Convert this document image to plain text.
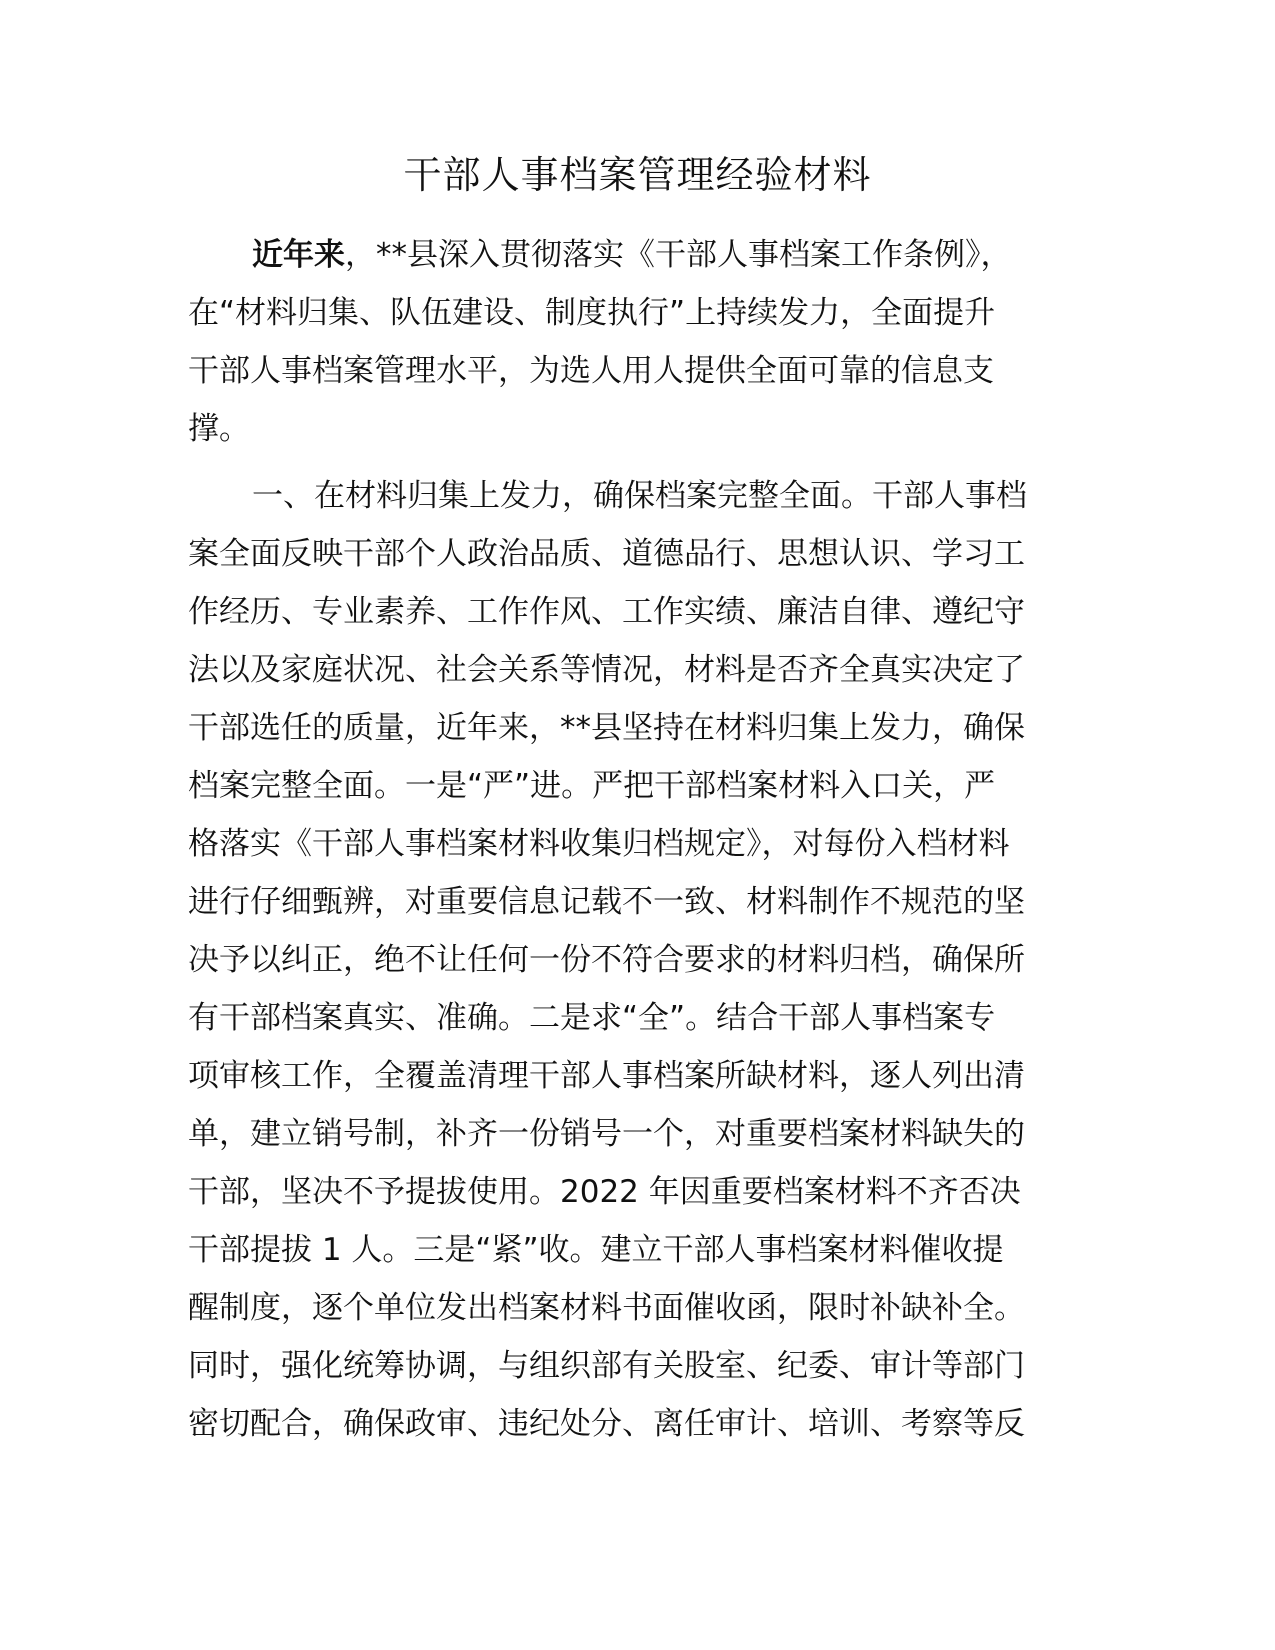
干部人事档案管理经验材料
近年来，**县深入贯彻落实《干部人事档案工作条例》，
在“材料归集、队伍建设、制度执行”上持续发力，全面提升
干部人事档案管理水平，为选人用人提供全面可靠的信息支
撑。
一、在材料归集上发力，确保档案完整全面。干部人事档
案全面反映干部个人政治品质、道德品行、思想认识、学习工
作经历、专业素养、工作作风、工作实绩、廉洁自律、遵纪守
法以及家庭状况、社会关系等情况，材料是否齐全真实决定了
干部选任的质量，近年来，**县坚持在材料归集上发力，确保
档案完整全面。一是“严”进。严把干部档案材料入口关，严
格落实《干部人事档案材料收集归档规定》，对每份入档材料
进行仔细甄辨，对重要信息记载不一致、材料制作不规范的坚
决予以纠正，绝不让任何一份不符合要求的材料归档，确保所
有干部档案真实、准确。二是求“全”。结合干部人事档案专
项审核工作，全覆盖清理干部人事档案所缺材料，逐人列出清
单，建立销号制，补齐一份销号一个，对重要档案材料缺失的
干部，坚决不予提拔使用。2022 年因重要档案材料不齐否决
干部提拔 1 人。三是“紧”收。建立干部人事档案材料催收提
醒制度，逐个单位发出档案材料书面催收函，限时补缺补全。
同时，强化统筹协调，与组织部有关股室、纪委、审计等部门
密切配合，确保政审、违纪处分、离任审计、培训、考察等反
